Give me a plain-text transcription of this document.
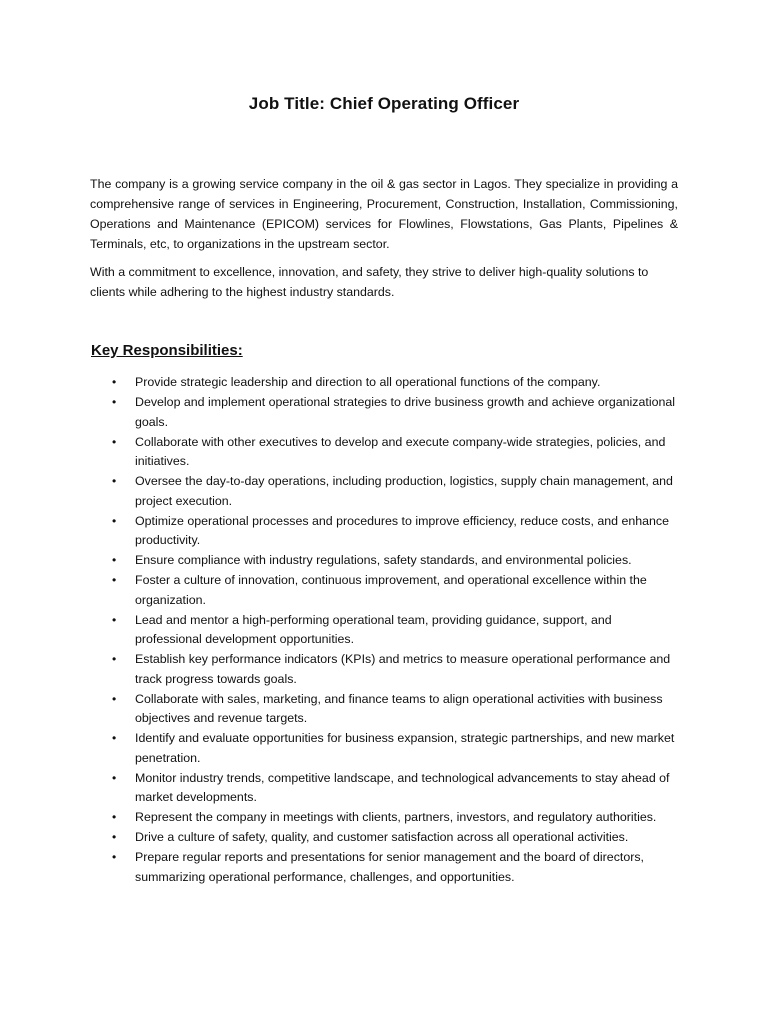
Job Title: Chief Operating Officer

The company is a growing service company in the oil & gas sector in Lagos. They specialize in providing a comprehensive range of services in Engineering, Procurement, Construction, Installation, Commissioning, Operations and Maintenance (EPICOM) services for Flowlines, Flowstations, Gas Plants, Pipelines & Terminals, etc, to organizations in the upstream sector.

With a commitment to excellence, innovation, and safety, they strive to deliver high-quality solutions to clients while adhering to the highest industry standards.

Key Responsibilities:
• Provide strategic leadership and direction to all operational functions of the company.
• Develop and implement operational strategies to drive business growth and achieve organizational goals.
• Collaborate with other executives to develop and execute company-wide strategies, policies, and initiatives.
• Oversee the day-to-day operations, including production, logistics, supply chain management, and project execution.
• Optimize operational processes and procedures to improve efficiency, reduce costs, and enhance productivity.
• Ensure compliance with industry regulations, safety standards, and environmental policies.
• Foster a culture of innovation, continuous improvement, and operational excellence within the organization.
• Lead and mentor a high-performing operational team, providing guidance, support, and professional development opportunities.
• Establish key performance indicators (KPIs) and metrics to measure operational performance and track progress towards goals.
• Collaborate with sales, marketing, and finance teams to align operational activities with business objectives and revenue targets.
• Identify and evaluate opportunities for business expansion, strategic partnerships, and new market penetration.
• Monitor industry trends, competitive landscape, and technological advancements to stay ahead of market developments.
• Represent the company in meetings with clients, partners, investors, and regulatory authorities.
• Drive a culture of safety, quality, and customer satisfaction across all operational activities.
• Prepare regular reports and presentations for senior management and the board of directors, summarizing operational performance, challenges, and opportunities.
